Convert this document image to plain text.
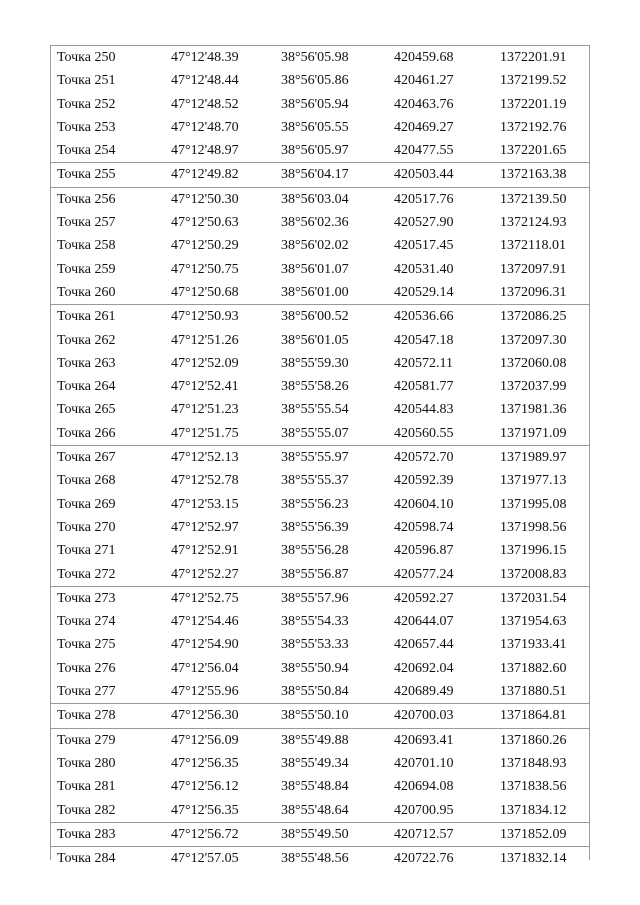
Точка 250	47°12'48.39	38°56'05.98	420459.68	1372201.91
Точка 251	47°12'48.44	38°56'05.86	420461.27	1372199.52
Точка 252	47°12'48.52	38°56'05.94	420463.76	1372201.19
Точка 253	47°12'48.70	38°56'05.55	420469.27	1372192.76
Точка 254	47°12'48.97	38°56'05.97	420477.55	1372201.65
Точка 255	47°12'49.82	38°56'04.17	420503.44	1372163.38
Точка 256	47°12'50.30	38°56'03.04	420517.76	1372139.50
Точка 257	47°12'50.63	38°56'02.36	420527.90	1372124.93
Точка 258	47°12'50.29	38°56'02.02	420517.45	1372118.01
Точка 259	47°12'50.75	38°56'01.07	420531.40	1372097.91
Точка 260	47°12'50.68	38°56'01.00	420529.14	1372096.31
Точка 261	47°12'50.93	38°56'00.52	420536.66	1372086.25
Точка 262	47°12'51.26	38°56'01.05	420547.18	1372097.30
Точка 263	47°12'52.09	38°55'59.30	420572.11	1372060.08
Точка 264	47°12'52.41	38°55'58.26	420581.77	1372037.99
Точка 265	47°12'51.23	38°55'55.54	420544.83	1371981.36
Точка 266	47°12'51.75	38°55'55.07	420560.55	1371971.09
Точка 267	47°12'52.13	38°55'55.97	420572.70	1371989.97
Точка 268	47°12'52.78	38°55'55.37	420592.39	1371977.13
Точка 269	47°12'53.15	38°55'56.23	420604.10	1371995.08
Точка 270	47°12'52.97	38°55'56.39	420598.74	1371998.56
Точка 271	47°12'52.91	38°55'56.28	420596.87	1371996.15
Точка 272	47°12'52.27	38°55'56.87	420577.24	1372008.83
Точка 273	47°12'52.75	38°55'57.96	420592.27	1372031.54
Точка 274	47°12'54.46	38°55'54.33	420644.07	1371954.63
Точка 275	47°12'54.90	38°55'53.33	420657.44	1371933.41
Точка 276	47°12'56.04	38°55'50.94	420692.04	1371882.60
Точка 277	47°12'55.96	38°55'50.84	420689.49	1371880.51
Точка 278	47°12'56.30	38°55'50.10	420700.03	1371864.81
Точка 279	47°12'56.09	38°55'49.88	420693.41	1371860.26
Точка 280	47°12'56.35	38°55'49.34	420701.10	1371848.93
Точка 281	47°12'56.12	38°55'48.84	420694.08	1371838.56
Точка 282	47°12'56.35	38°55'48.64	420700.95	1371834.12
Точка 283	47°12'56.72	38°55'49.50	420712.57	1371852.09
Точка 284	47°12'57.05	38°55'48.56	420722.76	1371832.14
